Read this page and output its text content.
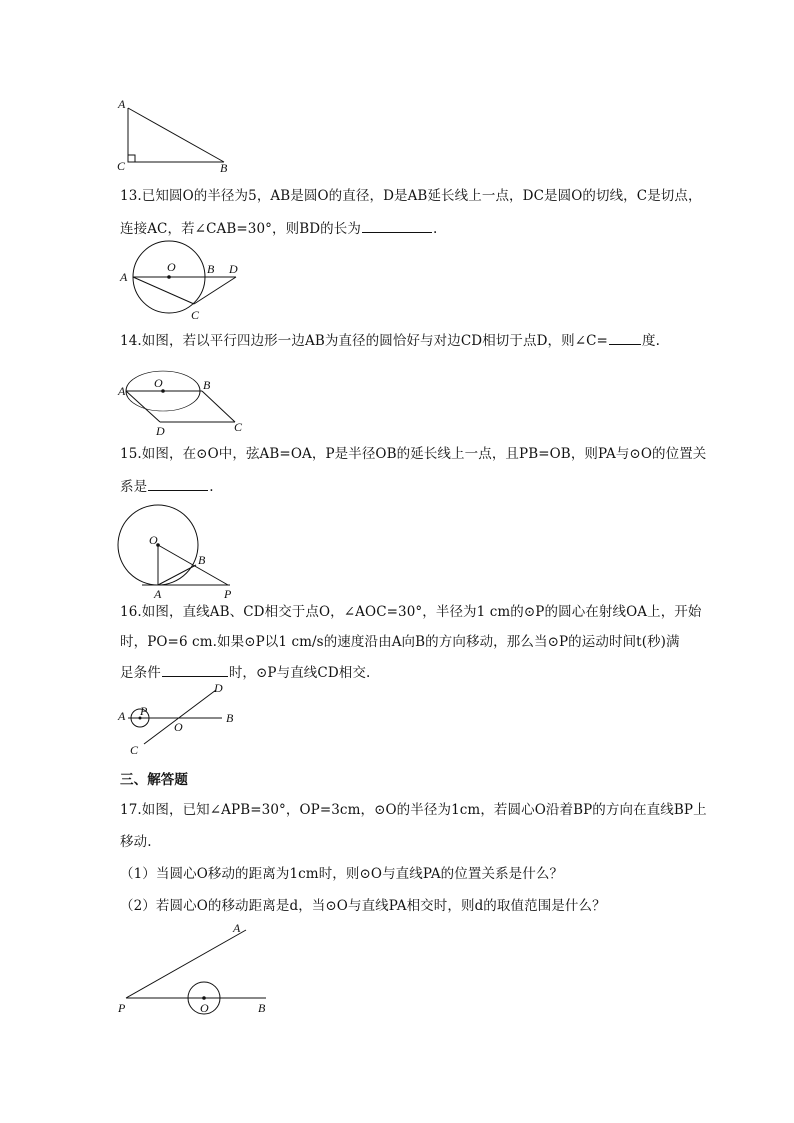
A
C	B
13.已知圆O的半径为5，AB是圆O的直径，D是AB延长线上一点，DC是圆O的切线，C是切点，
连接AC，若∠CAB=30°，则BD的长为	.
A
O	B D
C
14.如图，若以平行四边形一边AB为直径的圆恰好与对边CD相切于点D，则∠C=	度.
A
O	B
D	C
15.如图，在⊙O中，弦AB=OA，P是半径OB的延长线上一点，且PB=OB，则PA与⊙O的位置关
系是	.
O
B
A	P
16.如图，直线AB、CD相交于点O，∠AOC=30°，半径为1 cm的⊙P的圆心在射线OA上，开始
时，PO=6 cm.如果⊙P以1 cm/s的速度沿由A向B的方向移动，那么当⊙P的运动时间t(秒)满
足条件	时，⊙P与直线CD相交.
A P
O
B
C
D
三、解答题
17.如图，已知∠APB=30°，OP=3cm，⊙O的半径为1cm，若圆心O沿着BP的方向在直线BP上
移动.
（1）当圆心O移动的距离为1cm时，则⊙O与直线PA的位置关系是什么？
（2）若圆心O的移动距离是d，当⊙O与直线PA相交时，则d的取值范围是什么？
A
P	O	B
